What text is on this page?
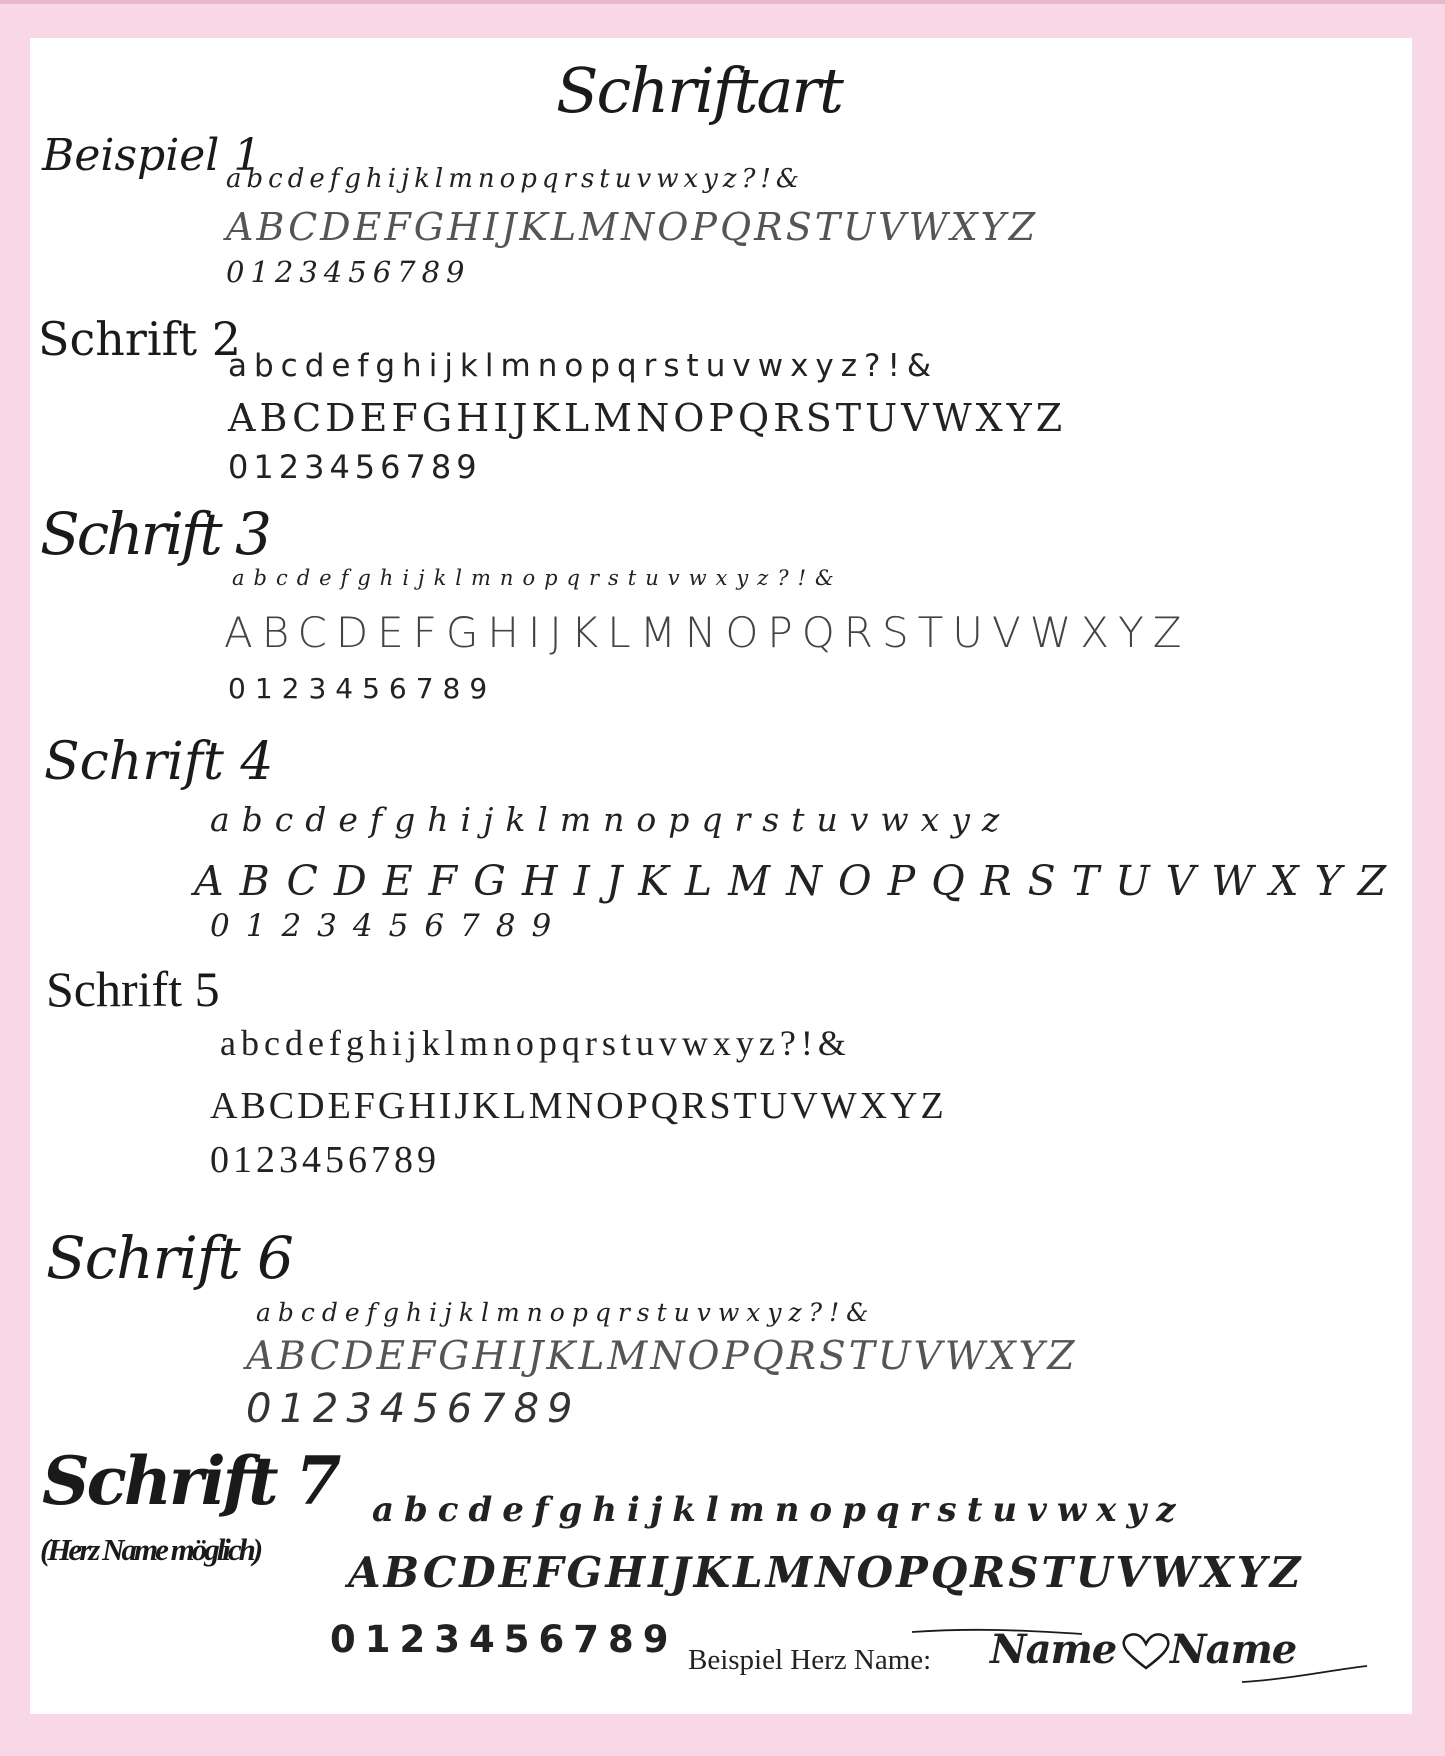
Schriftart
Beispiel 1
abcdefghijklmnopqrstuvwxyz?!&
ABCDEFGHIJKLMNOPQRSTUVWXYZ
0123456789
Schrift 2
abcdefghijklmnopqrstuvwxyz?!&
ABCDEFGHIJKLMNOPQRSTUVWXYZ
0123456789
Schrift 3
abcdefghijklmnopqrstuvwxyz?!&
ABCDEFGHIJKLMNOPQRSTUVWXYZ
0123456789
Schrift 4
abcdefghijklmnopqrstuvwxyz
ABCDEFGHIJKLMNOPQRSTUVWXYZ
0123456789
Schrift 5
abcdefghijklmnopqrstuvwxyz?!&
ABCDEFGHIJKLMNOPQRSTUVWXYZ
0123456789
Schrift 6
abcdefghijklmnopqrstuvwxyz?!&
ABCDEFGHIJKLMNOPQRSTUVWXYZ
0123456789
Schrift 7
(Herz Name möglich)
abcdefghijklmnopqrstuvwxyz
ABCDEFGHIJKLMNOPQRSTUVWXYZ
0123456789 Beispiel Herz Name: Name Name
